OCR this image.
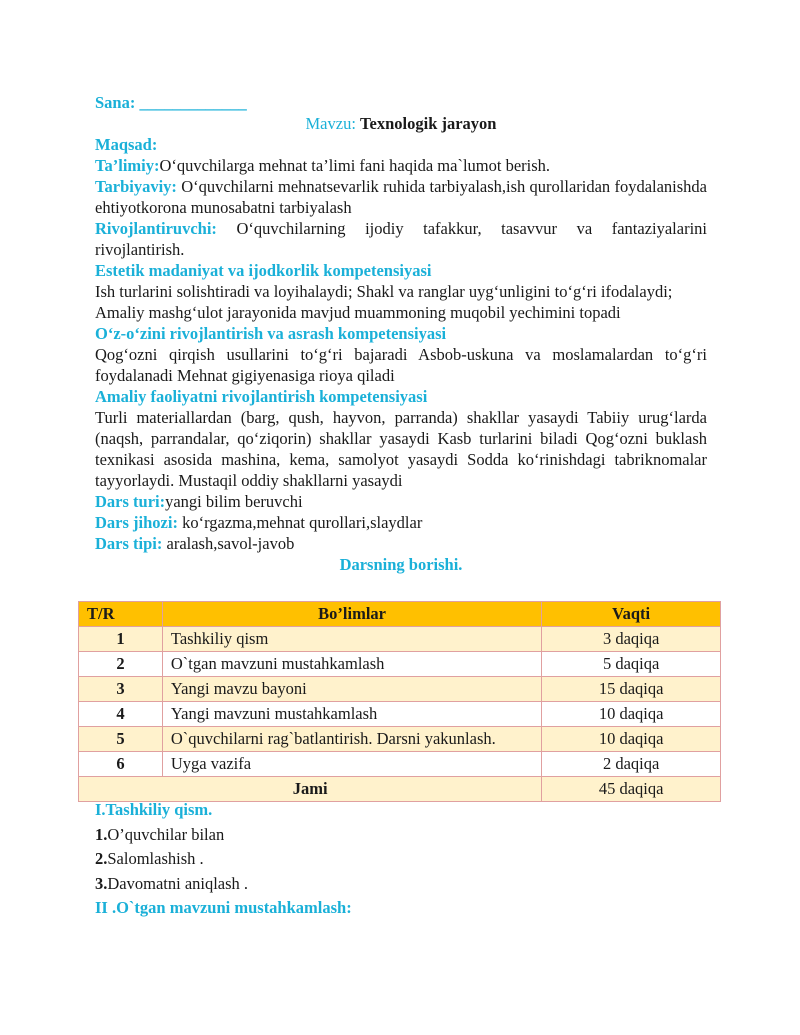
Sana: _____________
Mavzu: Texnologik jarayon
Maqsad:
Ta’limiy:O‘quvchilarga mehnat ta’limi fani haqida ma`lumot berish.
Tarbiyaviy: O‘quvchilarni mehnatsevarlik ruhida tarbiyalash,ish qurollaridan foydalanishda ehtiyotkorona munosabatni tarbiyalash
Rivojlantiruvchi: O‘quvchilarning ijodiy tafakkur, tasavvur va fantaziyalarini rivojlantirish.
Estetik madaniyat va ijodkorlik kompetensiyasi
Ish turlarini solishtiradi va loyihalaydi; Shakl va ranglar uyg‘unligini to‘g‘ri ifodalaydi;
Amaliy mashg‘ulot jarayonida mavjud muammoning muqobil yechimini topadi
O‘z-o‘zini rivojlantirish va asrash kompetensiyasi
Qog‘ozni qirqish usullarini to‘g‘ri bajaradi Asbob-uskuna va moslamalardan to‘g‘ri foydalanadi Mehnat gigiyenasiga rioya qiladi
Amaliy faoliyatni rivojlantirish kompetensiyasi
Turli materiallardan (barg, qush, hayvon, parranda) shakllar yasaydi Tabiiy urug‘larda (naqsh, parrandalar, qo‘ziqorin) shakllar yasaydi Kasb turlarini biladi Qog‘ozni buklash texnikasi asosida mashina, kema, samolyot yasaydi Sodda ko‘rinishdagi tabriknomalar tayyorlaydi. Mustaqil oddiy shakllarni yasaydi
Dars turi:yangi bilim beruvchi
Dars jihozi: ko‘rgazma,mehnat qurollari,slaydlar
Dars tipi: aralash,savol-javob
Darsning borishi.
T/R	Bo’limlar	Vaqti
1	Tashkiliy qism	3 daqiqa
2	O`tgan mavzuni mustahkamlash	5 daqiqa
3	Yangi mavzu bayoni	15 daqiqa
4	Yangi mavzuni mustahkamlash	10 daqiqa
5	O`quvchilarni rag`batlantirish. Darsni yakunlash.	10 daqiqa
6	Uyga vazifa	2 daqiqa
Jami		45 daqiqa
I.Tashkiliy qism.
1.O’quvchilar bilan
2.Salomlashish .
3.Davomatni aniqlash .
II .O`tgan mavzuni mustahkamlash:
